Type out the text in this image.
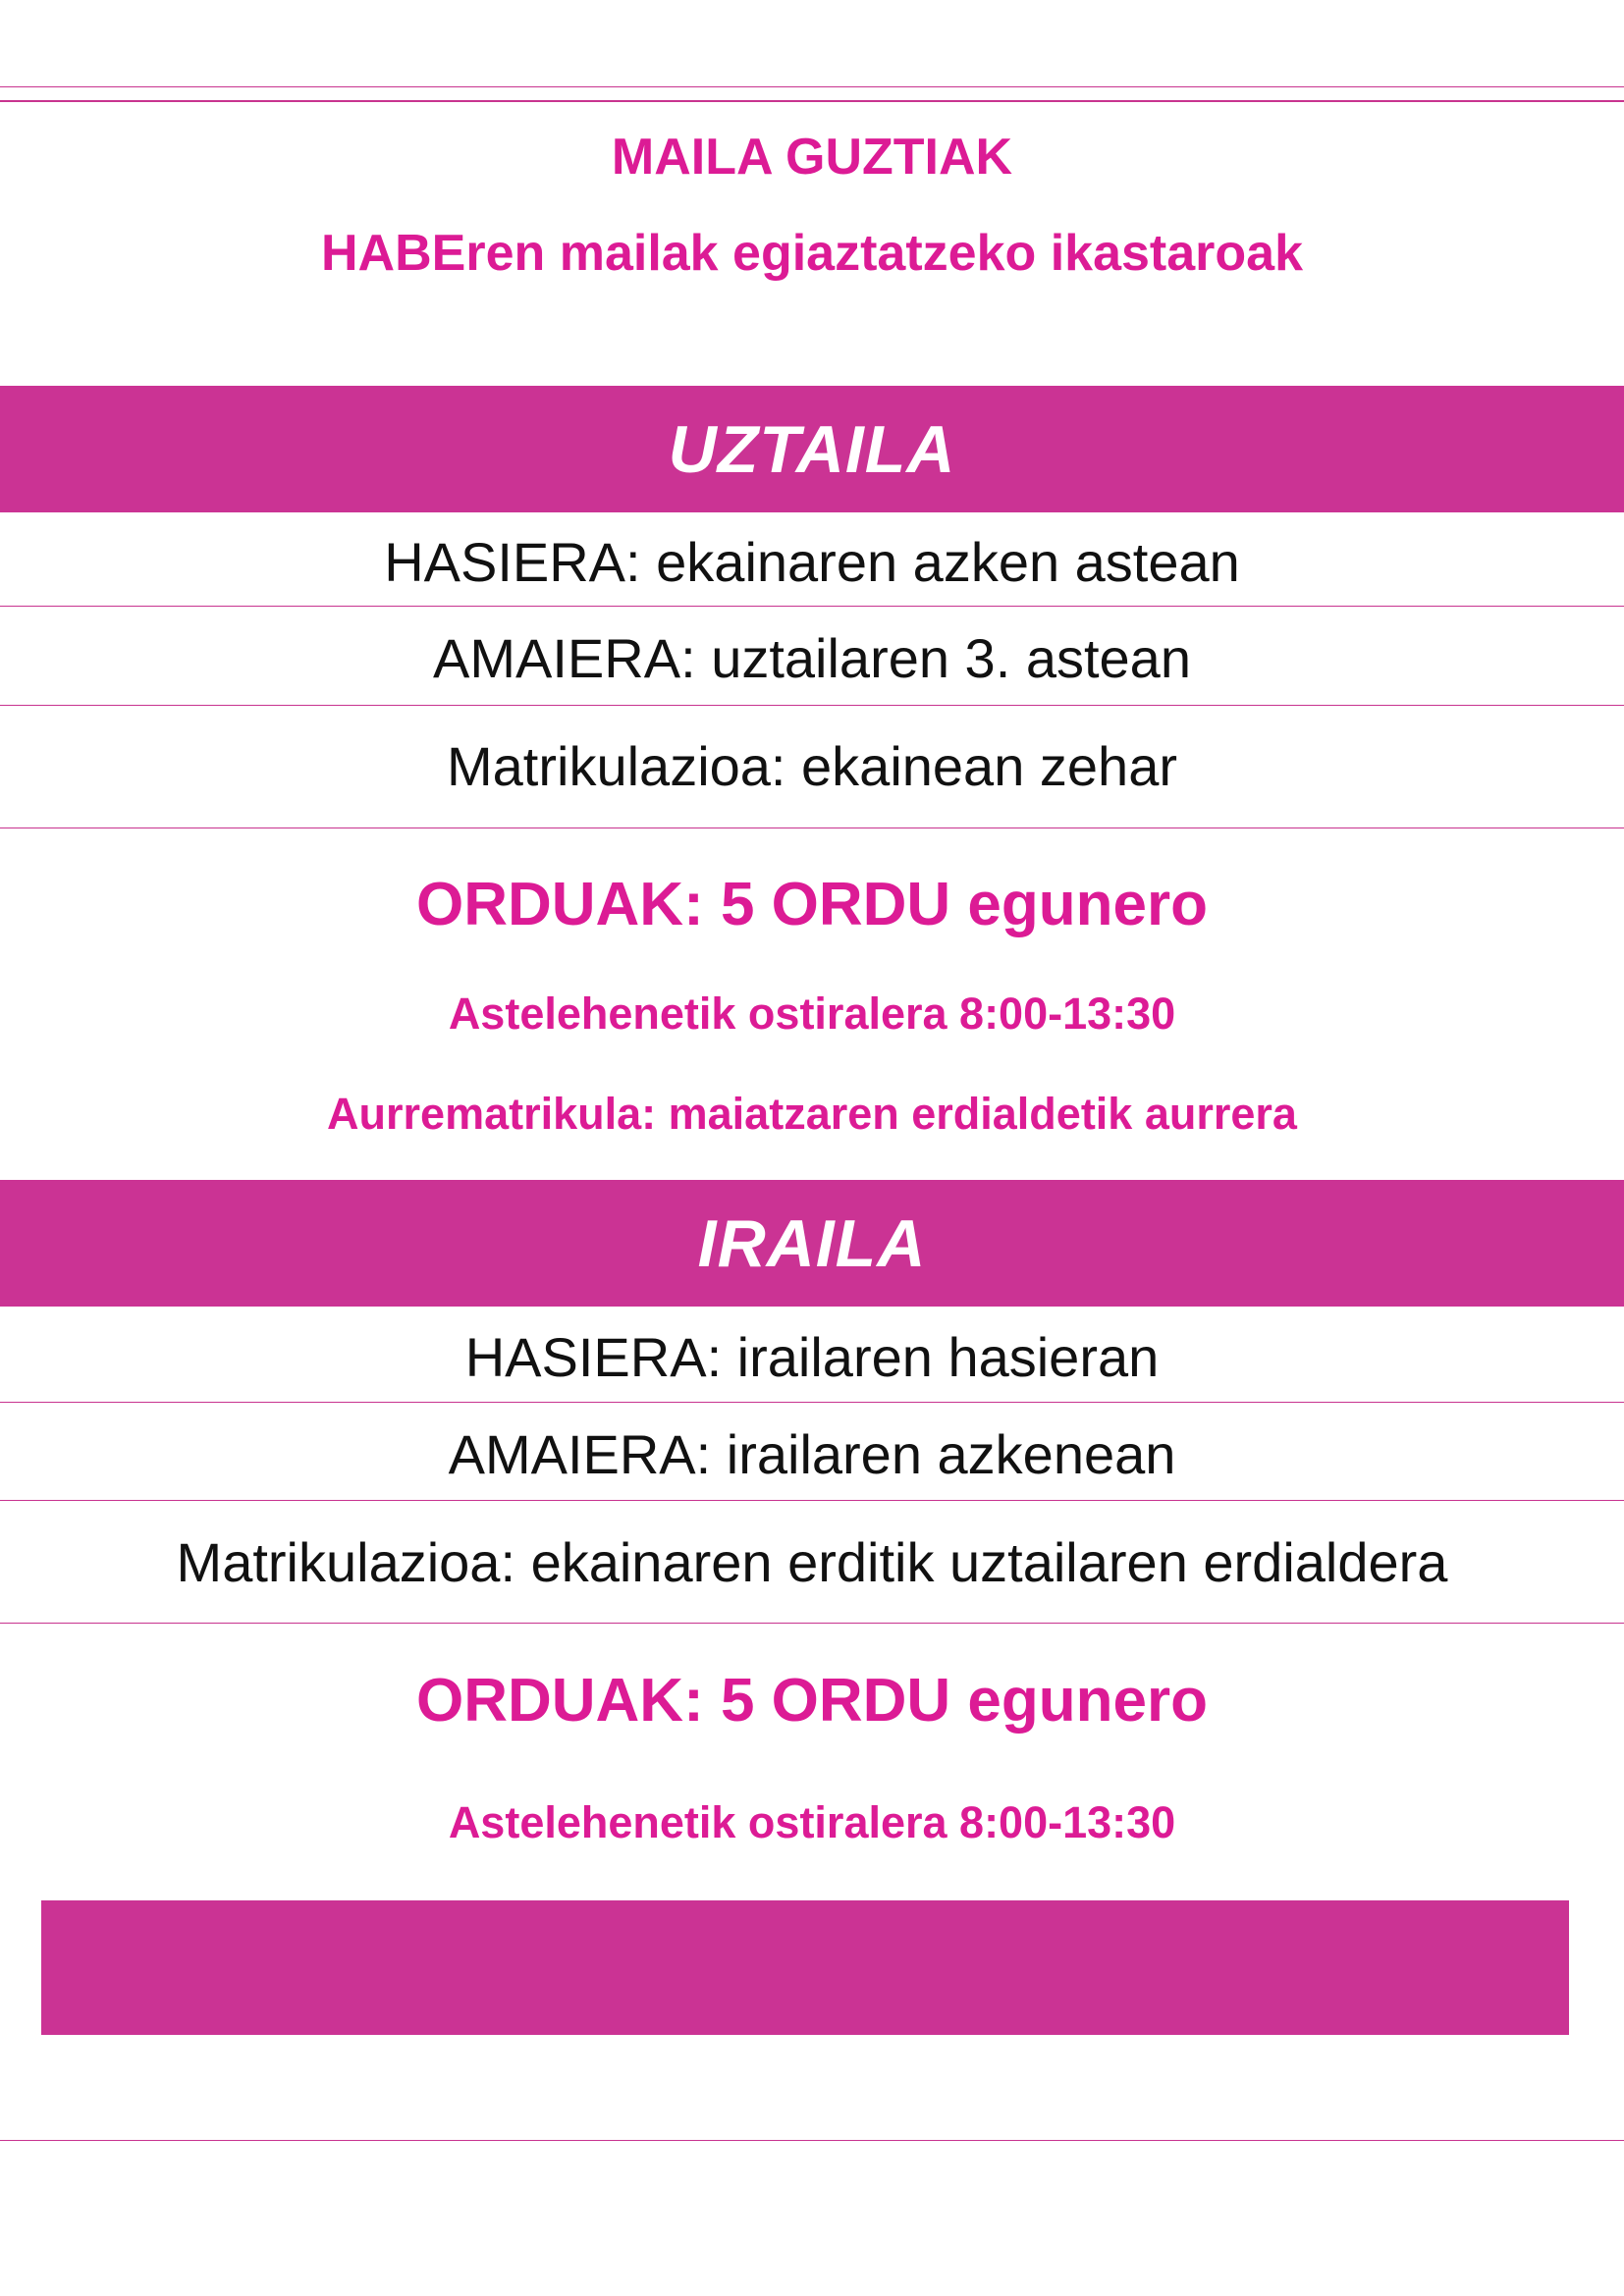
MAILA GUZTIAK
HABEren mailak egiaztatzeko ikastaroak
UZTAILA
HASIERA: ekainaren azken astean
AMAIERA: uztailaren 3. astean
Matrikulazioa: ekainean zehar
ORDUAK: 5 ORDU egunero
Astelehenetik ostiralera 8:00-13:30
Aurrematrikula: maiatzaren erdialdetik aurrera
IRAILA
HASIERA: irailaren hasieran
AMAIERA: irailaren azkenean
Matrikulazioa: ekainaren erditik uztailaren erdialdera
ORDUAK: 5 ORDU egunero
Astelehenetik ostiralera 8:00-13:30
